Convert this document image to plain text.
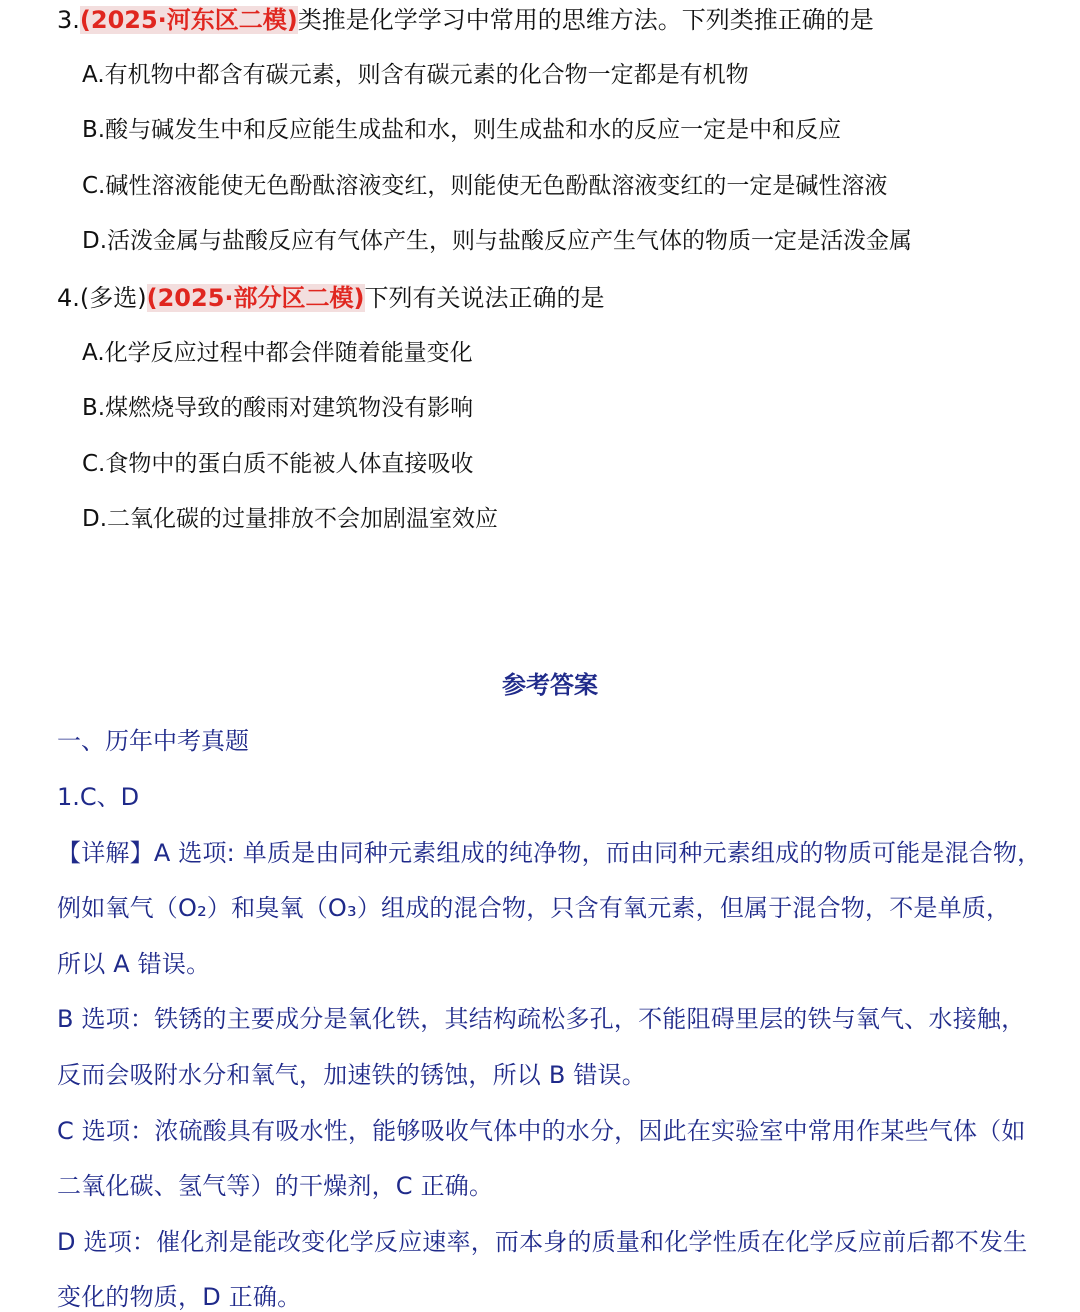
3.(2025·河东区二模)类推是化学学习中常用的思维方法。下列类推正确的是
A.有机物中都含有碳元素，则含有碳元素的化合物一定都是有机物
B.酸与碱发生中和反应能生成盐和水，则生成盐和水的反应一定是中和反应
C.碱性溶液能使无色酚酞溶液变红，则能使无色酚酞溶液变红的一定是碱性溶液
D.活泼金属与盐酸反应有气体产生，则与盐酸反应产生气体的物质一定是活泼金属
4.(多选)(2025·部分区二模)下列有关说法正确的是
A.化学反应过程中都会伴随着能量变化
B.煤燃烧导致的酸雨对建筑物没有影响
C.食物中的蛋白质不能被人体直接吸收
D.二氧化碳的过量排放不会加剧温室效应
参考答案
一、历年中考真题
1.C、D
【详解】A 选项: 单质是由同种元素组成的纯净物，而由同种元素组成的物质可能是混合物，
例如氧气（O₂）和臭氧（O₃）组成的混合物，只含有氧元素，但属于混合物，不是单质，
所以 A 错误。
B 选项：铁锈的主要成分是氧化铁，其结构疏松多孔，不能阻碍里层的铁与氧气、水接触，
反而会吸附水分和氧气，加速铁的锈蚀，所以 B 错误。
C 选项：浓硫酸具有吸水性，能够吸收气体中的水分，因此在实验室中常用作某些气体（如
二氧化碳、氢气等）的干燥剂，C 正确。
D 选项：催化剂是能改变化学反应速率，而本身的质量和化学性质在化学反应前后都不发生
变化的物质，D 正确。
